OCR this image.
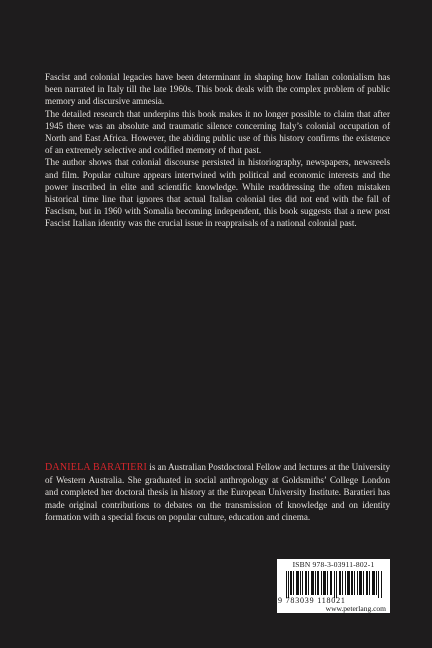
Fascist and colonial legacies have been determinant in shaping how Italian colonialism has been narrated in Italy till the late 1960s. This book deals with the complex problem of public memory and discursive amnesia.

The detailed research that underpins this book makes it no longer possible to claim that after 1945 there was an absolute and traumatic silence concerning Italy’s colonial occupation of North and East Africa. However, the abiding public use of this history confirms the existence of an extremely selective and codified memory of that past.

The author shows that colonial discourse persisted in historiography, newspapers, newsreels and film. Popular culture appears intertwined with political and economic interests and the power inscribed in elite and scientific knowledge. While readdressing the often mistaken historical time line that ignores that actual Italian colonial ties did not end with the fall of Fascism, but in 1960 with Somalia becoming independent, this book suggests that a new post Fascist Italian identity was the crucial issue in reappraisals of a national colonial past.

DANIELA BARATIERI is an Australian Postdoctoral Fellow and lectures at the University of Western Australia. She graduated in social anthropology at Goldsmiths’ College London and completed her doctoral thesis in history at the European University Institute. Baratieri has made original contributions to debates on the transmission of knowledge and on identity formation with a special focus on popular culture, education and cinema.
ISBN 978-3-03911-802-1
9 783039 118021
www.peterlang.com
